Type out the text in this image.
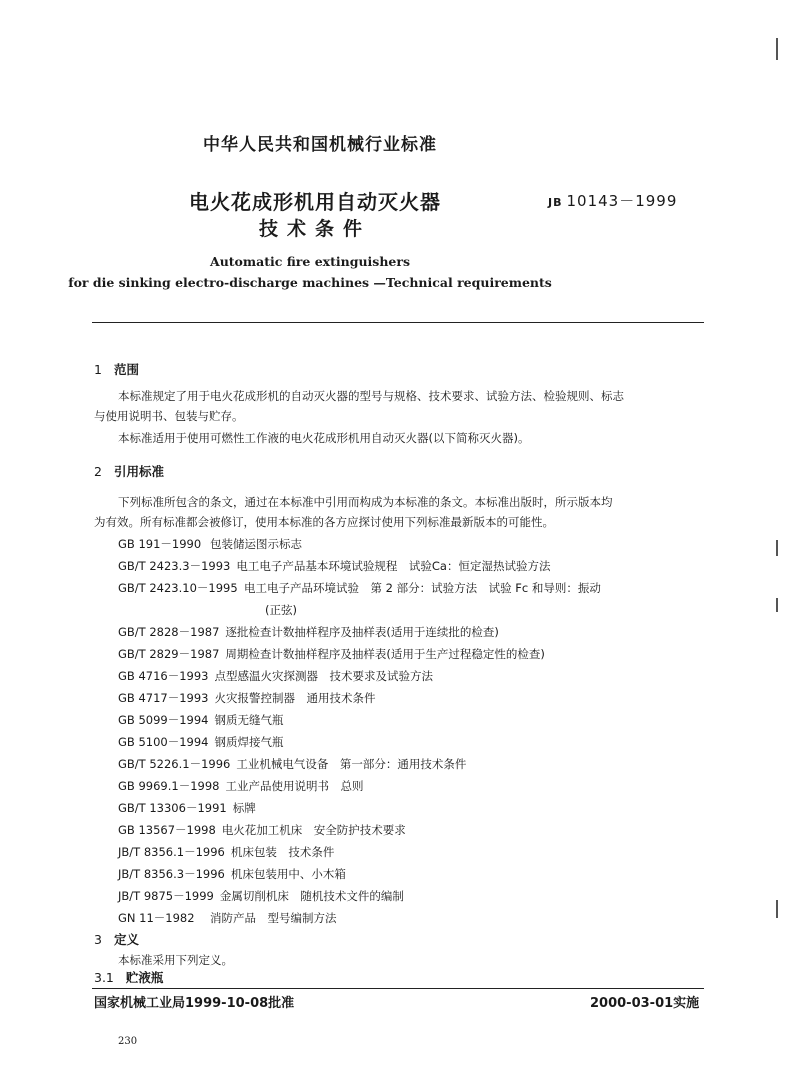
中华人民共和国机械行业标准
电火花成形机用自动灭火器
技术条件
JB 10143－1999
Automatic fire extinguishers
for die sinking electro-discharge machines —Technical requirements
1 范围
本标准规定了用于电火花成形机的自动灭火器的型号与规格、技术要求、试验方法、检验规则、标志
与使用说明书、包装与贮存。
本标准适用于使用可燃性工作液的电火花成形机用自动灭火器(以下简称灭火器)。
2 引用标准
下列标准所包含的条文，通过在本标准中引用而构成为本标准的条文。本标准出版时，所示版本均
为有效。所有标准都会被修订，使用本标准的各方应探讨使用下列标准最新版本的可能性。
GB 191－1990 包装储运图示标志
GB/T 2423.3－1993 电工电子产品基本环境试验规程　试验Ca：恒定湿热试验方法
GB/T 2423.10－1995 电工电子产品环境试验　第 2 部分：试验方法　试验 Fc 和导则：振动
(正弦)
GB/T 2828－1987 逐批检查计数抽样程序及抽样表(适用于连续批的检查)
GB/T 2829－1987 周期检查计数抽样程序及抽样表(适用于生产过程稳定性的检查)
GB 4716－1993 点型感温火灾探测器　技术要求及试验方法
GB 4717－1993 火灾报警控制器　通用技术条件
GB 5099－1994 钢质无缝气瓶
GB 5100－1994 钢质焊接气瓶
GB/T 5226.1－1996 工业机械电气设备　第一部分：通用技术条件
GB 9969.1－1998 工业产品使用说明书　总则
GB/T 13306－1991 标牌
GB 13567－1998 电火花加工机床　安全防护技术要求
JB/T 8356.1－1996 机床包装　技术条件
JB/T 8356.3－1996 机床包装用中、小木箱
JB/T 9875－1999 金属切削机床　随机技术文件的编制
GN 11－1982 消防产品　型号编制方法
3 定义
本标准采用下列定义。
3.1 贮液瓶
国家机械工业局1999-10-08批准	2000-03-01实施
230
